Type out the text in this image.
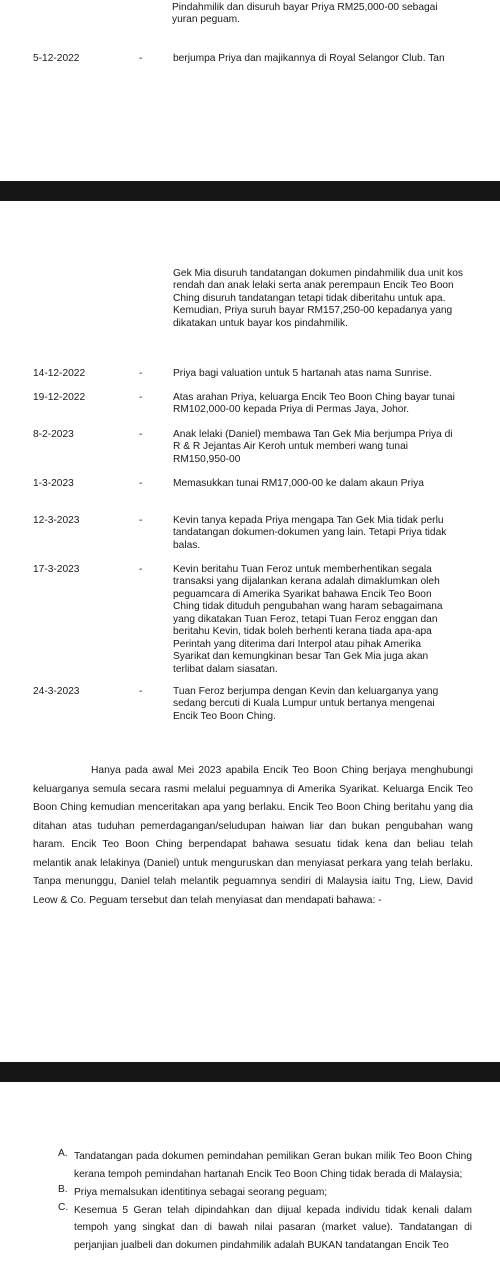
Pindahmilik dan disuruh bayar Priya RM25,000-00 sebagai
yuran peguam.
5-12-2022	-	berjumpa Priya dan majikannya di Royal Selangor Club. Tan
Gek Mia disuruh tandatangan dokumen pindahmilik dua unit kos rendah dan anak lelaki serta anak perempaun Encik Teo Boon Ching disuruh tandatangan tetapi tidak diberitahu untuk apa. Kemudian, Priya suruh bayar RM157,250-00 kepadanya yang dikatakan untuk bayar kos pindahmilik.
14-12-2022	-	Priya bagi valuation untuk 5 hartanah atas nama Sunrise.
19-12-2022	-	Atas arahan Priya, keluarga Encik Teo Boon Ching bayar tunai RM102,000-00 kepada Priya di Permas Jaya, Johor.
8-2-2023	-	Anak lelaki (Daniel) membawa Tan Gek Mia berjumpa Priya di R & R Jejantas Air Keroh untuk memberi wang tunai RM150,950-00
1-3-2023	-	Memasukkan tunai RM17,000-00 ke dalam akaun Priya
12-3-2023	-	Kevin tanya kepada Priya mengapa Tan Gek Mia tidak perlu tandatangan dokumen-dokumen yang lain. Tetapi Priya tidak balas.
17-3-2023	-	Kevin beritahu Tuan Feroz untuk memberhentikan segala transaksi yang dijalankan kerana adalah dimaklumkan oleh peguamcara di Amerika Syarikat bahawa Encik Teo Boon Ching tidak dituduh pengubahan wang haram sebagaimana yang dikatakan Tuan Feroz, tetapi Tuan Feroz enggan dan beritahu Kevin, tidak boleh berhenti kerana tiada apa-apa Perintah yang diterima dari Interpol atau pihak Amerika Syarikat dan kemungkinan besar Tan Gek Mia juga akan terlibat dalam siasatan.
24-3-2023	-	Tuan Feroz berjumpa dengan Kevin dan keluarganya yang sedang bercuti di Kuala Lumpur untuk bertanya mengenai Encik Teo Boon Ching.

Hanya pada awal Mei 2023 apabila Encik Teo Boon Ching berjaya menghubungi keluarganya semula secara rasmi melalui peguamnya di Amerika Syarikat. Keluarga Encik Teo Boon Ching kemudian menceritakan apa yang berlaku. Encik Teo Boon Ching beritahu yang dia ditahan atas tuduhan pemerdagangan/seludupan haiwan liar dan bukan pengubahan wang haram. Encik Teo Boon Ching berpendapat bahawa sesuatu tidak kena dan beliau telah melantik anak lelakinya (Daniel) untuk menguruskan dan menyiasat perkara yang telah berlaku. Tanpa menunggu, Daniel telah melantik peguamnya sendiri di Malaysia iaitu Tng, Liew, David Leow & Co. Peguam tersebut dan telah menyiasat dan mendapati bahawa: -

A. Tandatangan pada dokumen pemindahan pemilikan Geran bukan milik Teo Boon Ching kerana tempoh pemindahan hartanah Encik Teo Boon Ching tidak berada di Malaysia;
B. Priya memalsukan identitinya sebagai seorang peguam;
C. Kesemua 5 Geran telah dipindahkan dan dijual kepada individu tidak kenali dalam tempoh yang singkat dan di bawah nilai pasaran (market value). Tandatangan di perjanjian jualbeli dan dokumen pindahmilik adalah BUKAN tandatangan Encik Teo
